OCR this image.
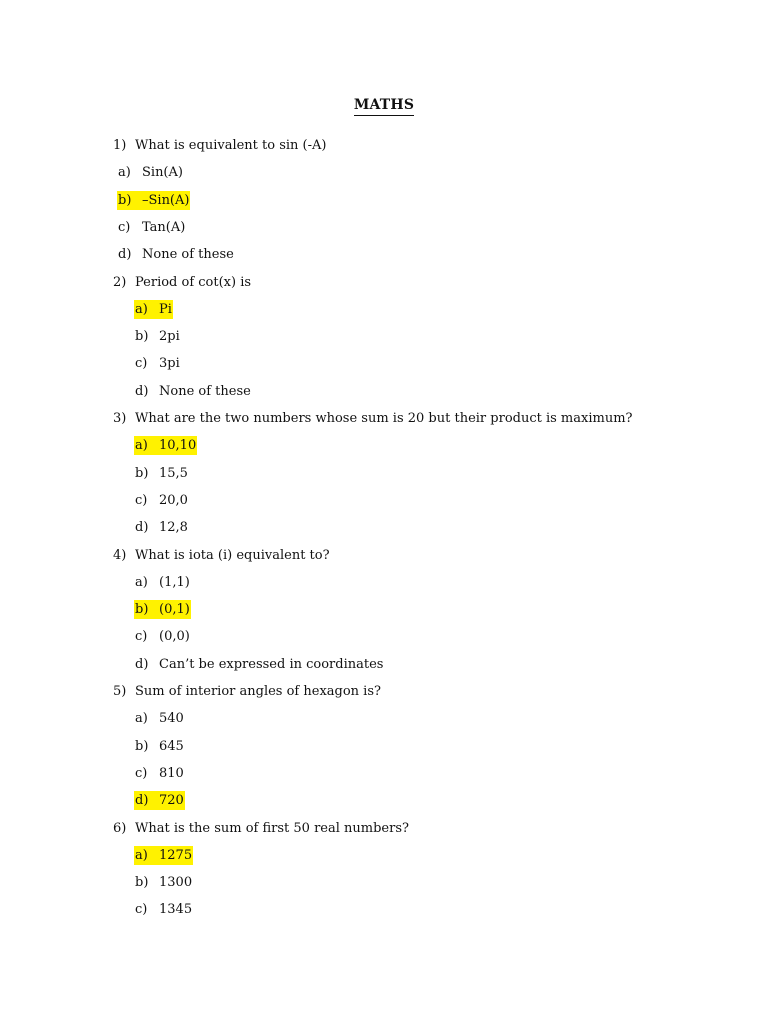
MATHS
1) What is equivalent to sin (-A)
a) Sin(A)
b) –Sin(A)
c) Tan(A)
d) None of these
2) Period of cot(x) is
a) Pi
b) 2pi
c) 3pi
d) None of these
3) What are the two numbers whose sum is 20 but their product is maximum?
a) 10,10
b) 15,5
c) 20,0
d) 12,8
4) What is iota (i) equivalent to?
a) (1,1)
b) (0,1)
c) (0,0)
d) Can’t be expressed in coordinates
5) Sum of interior angles of hexagon is?
a) 540
b) 645
c) 810
d) 720
6) What is the sum of first 50 real numbers?
a) 1275
b) 1300
c) 1345
